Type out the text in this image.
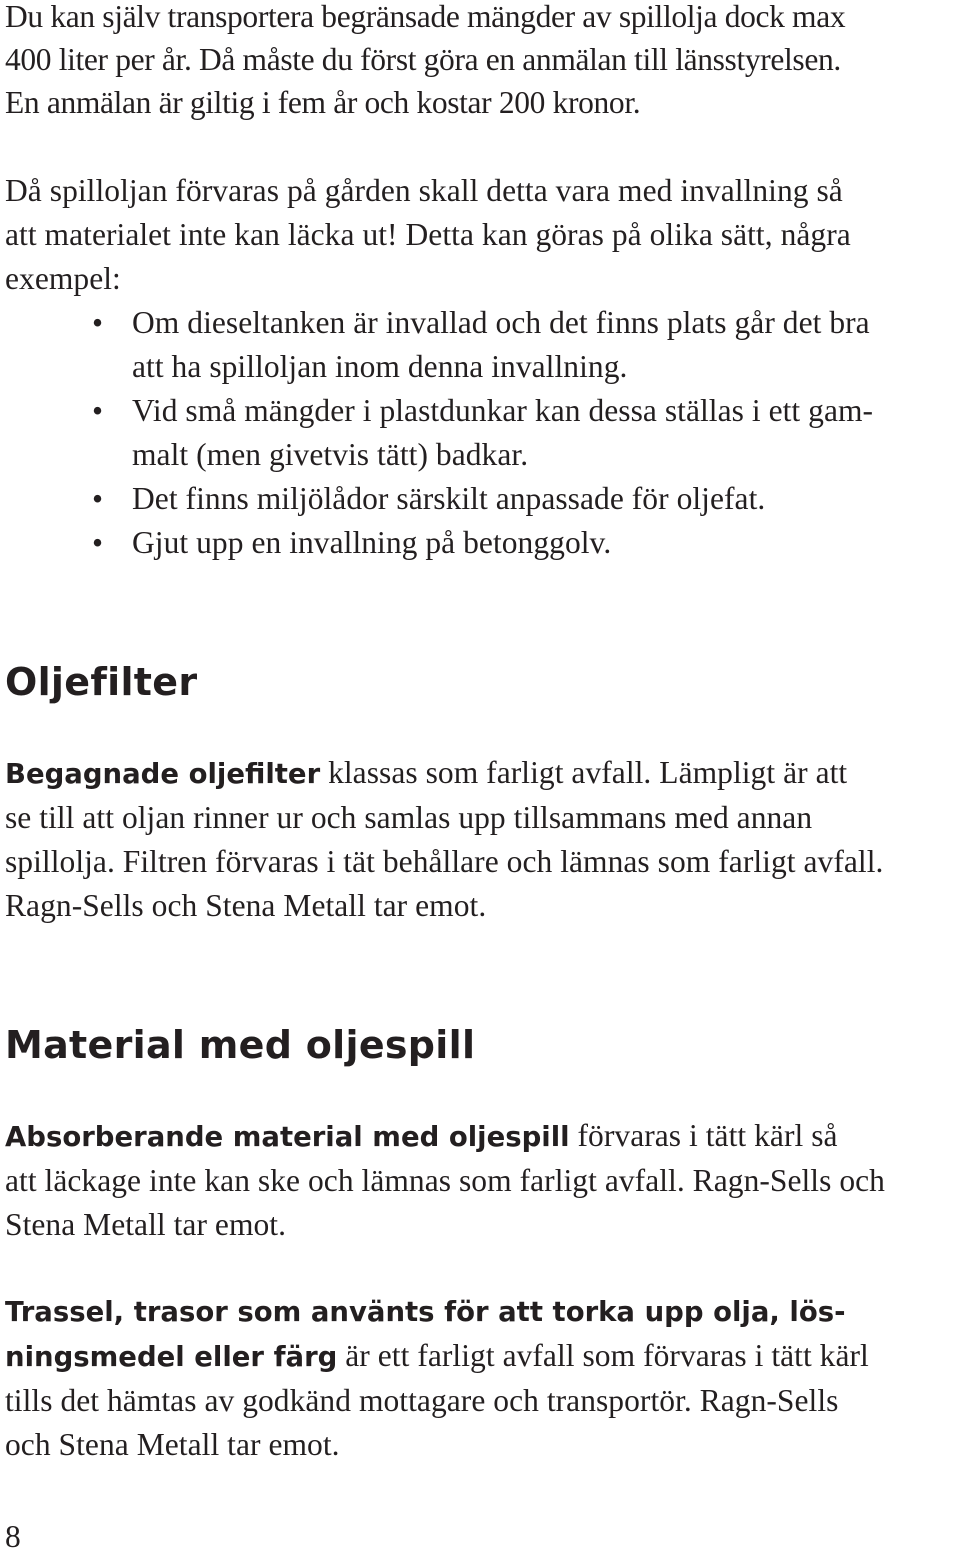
Du kan själv transportera begränsade mängder av spillolja dock max
400 liter per år. Då måste du först göra en anmälan till länsstyrelsen.
En anmälan är giltig i fem år och kostar 200 kronor.
Då spilloljan förvaras på gården skall detta vara med invallning så
att materialet inte kan läcka ut! Detta kan göras på olika sätt, några
exempel:
• Om dieseltanken är invallad och det finns plats går det bra
att ha spilloljan inom denna invallning.
• Vid små mängder i plastdunkar kan dessa ställas i ett gam-
malt (men givetvis tätt) badkar.
• Det finns miljölådor särskilt anpassade för oljefat.
• Gjut upp en invallning på betonggolv.
Oljefilter
Begagnade oljefilter klassas som farligt avfall. Lämpligt är att
se till att oljan rinner ur och samlas upp tillsammans med annan
spillolja. Filtren förvaras i tät behållare och lämnas som farligt avfall.
Ragn-Sells och Stena Metall tar emot.
Material med oljespill
Absorberande material med oljespill förvaras i tätt kärl så
att läckage inte kan ske och lämnas som farligt avfall. Ragn-Sells och
Stena Metall tar emot.
Trassel, trasor som använts för att torka upp olja, lös-
ningsmedel eller färg är ett farligt avfall som förvaras i tätt kärl
tills det hämtas av godkänd mottagare och transportör. Ragn-Sells
och Stena Metall tar emot.
8
